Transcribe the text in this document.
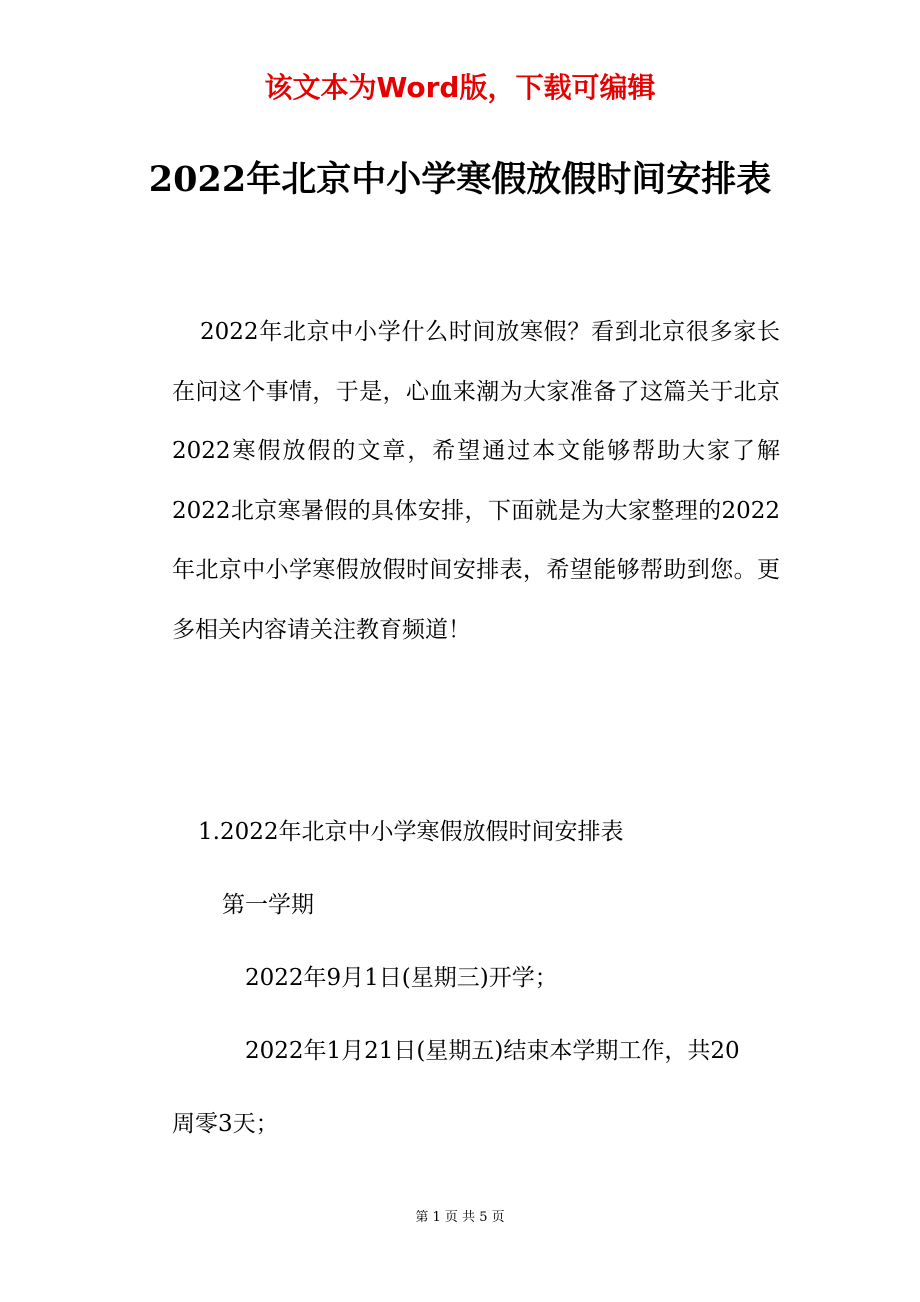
该文本为Word版，下载可编辑
2022年北京中小学寒假放假时间安排表

2022年北京中小学什么时间放寒假？看到北京很多家长在问这个事情，于是，心血来潮为大家准备了这篇关于北京2022寒假放假的文章，希望通过本文能够帮助大家了解2022北京寒暑假的具体安排，下面就是为大家整理的2022年北京中小学寒假放假时间安排表，希望能够帮助到您。更多相关内容请关注教育频道！

1.2022年北京中小学寒假放假时间安排表

第一学期

2022年9月1日(星期三)开学；

2022年1月21日(星期五)结束本学期工作，共20

周零3天；

第 1 页 共 5 页
